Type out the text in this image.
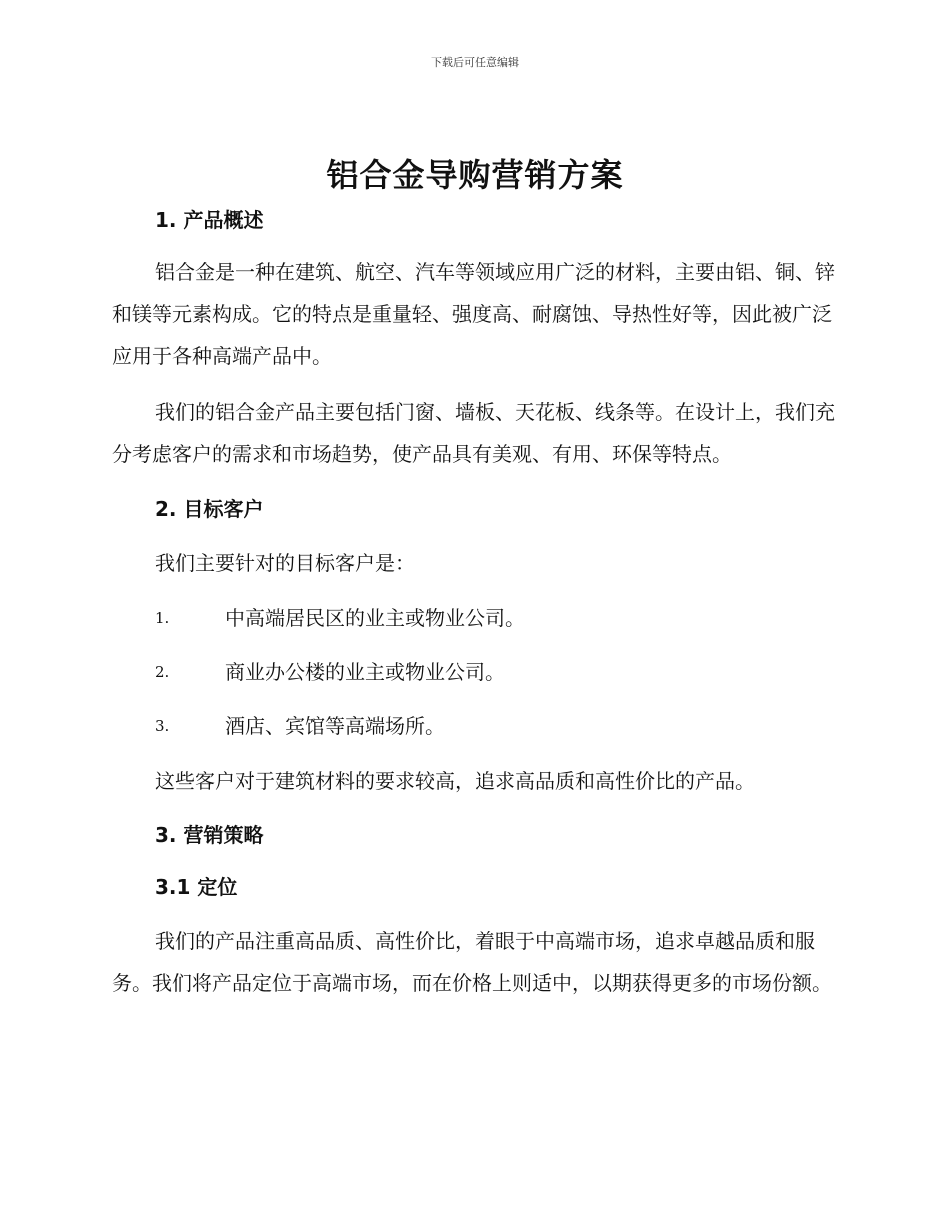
下载后可任意编辑
铝合金导购营销方案

1. 产品概述

铝合金是一种在建筑、航空、汽车等领域应用广泛的材料，主要由铝、铜、锌和镁等元素构成。它的特点是重量轻、强度高、耐腐蚀、导热性好等，因此被广泛应用于各种高端产品中。

我们的铝合金产品主要包括门窗、墙板、天花板、线条等。在设计上，我们充分考虑客户的需求和市场趋势，使产品具有美观、有用、环保等特点。

2. 目标客户

我们主要针对的目标客户是：

1.	中高端居民区的业主或物业公司。
2.	商业办公楼的业主或物业公司。
3.	酒店、宾馆等高端场所。

这些客户对于建筑材料的要求较高，追求高品质和高性价比的产品。

3. 营销策略

3.1 定位

我们的产品注重高品质、高性价比，着眼于中高端市场，追求卓越品质和服务。我们将产品定位于高端市场，而在价格上则适中，以期获得更多的市场份额。
